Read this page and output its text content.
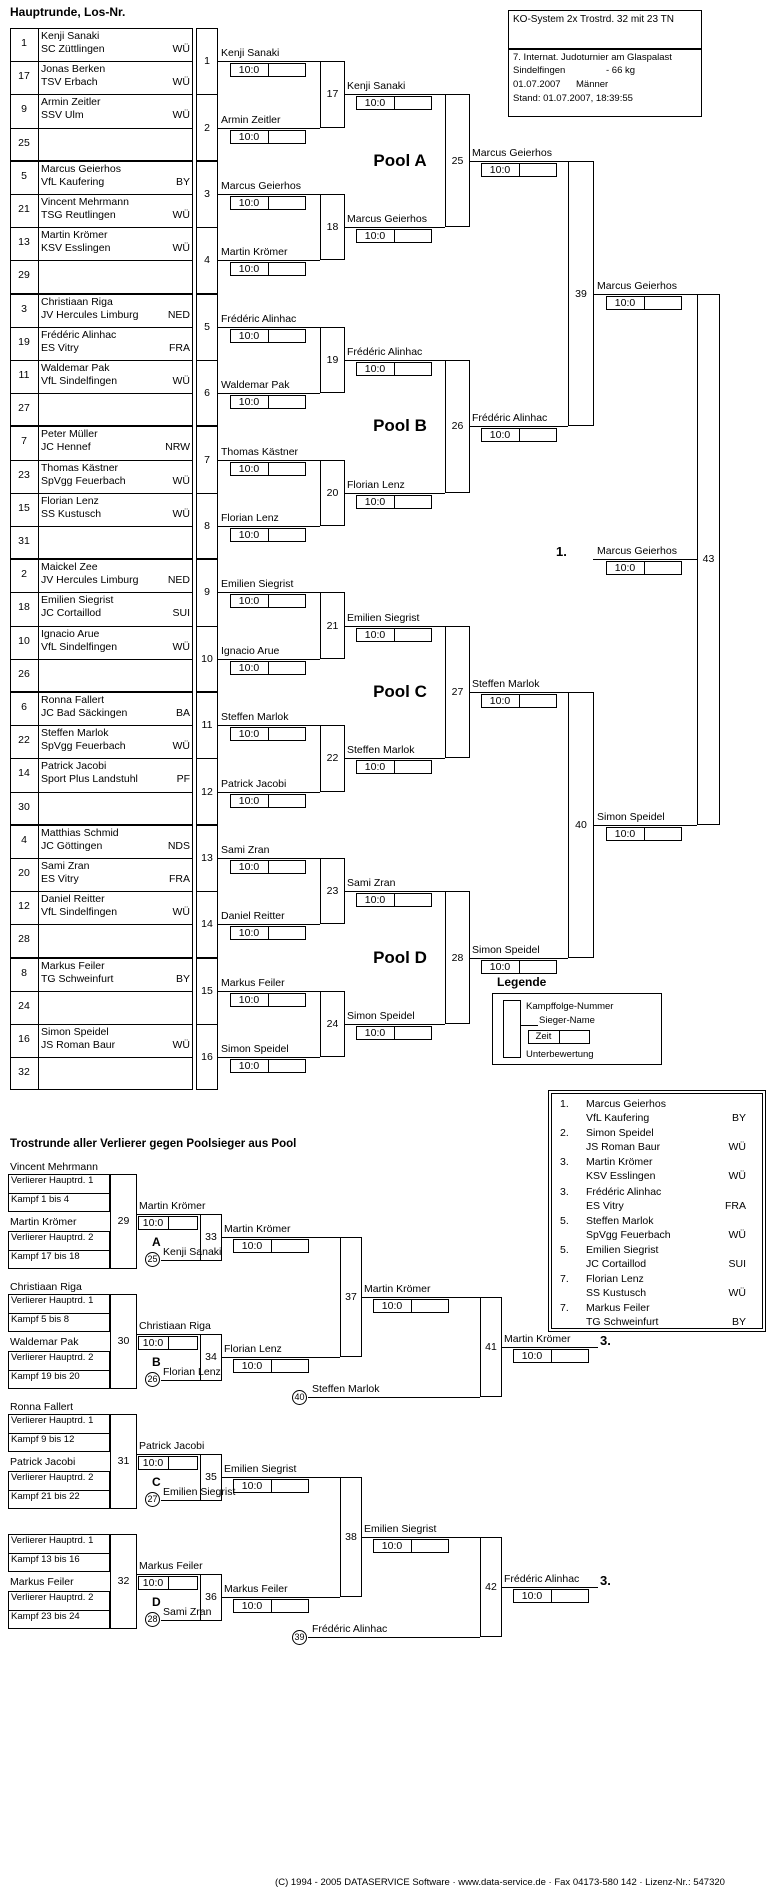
Hauptrunde, Los-Nr.
KO-System 2x Trostrd. 32 mit 23 TN
7. Internat. Judoturnier am Glaspalast
Sindelfingen	- 66 kg
01.07.2007	Männer
Stand: 01.07.2007, 18:39:55
1
Kenji Sanaki
SC Züttlingen	WÜ
17
Jonas Berken
TSV Erbach	WÜ
9
Armin Zeitler
SSV Ulm	WÜ
25
5
Marcus Geierhos
VfL Kaufering	BY
21
Vincent Mehrmann
TSG Reutlingen	WÜ
13
Martin Krömer
KSV Esslingen	WÜ
29
3
Christiaan Riga
JV Hercules Limburg	NED
19
Frédéric Alinhac
ES Vitry	FRA
11
Waldemar Pak
VfL Sindelfingen	WÜ
27
7
Peter Müller
JC Hennef	NRW
23
Thomas Kästner
SpVgg Feuerbach	WÜ
15
Florian Lenz
SS Kustusch	WÜ
31
2
Maickel Zee
JV Hercules Limburg	NED
18
Emilien Siegrist
JC Cortaillod	SUI
10
Ignacio Arue
VfL Sindelfingen	WÜ
26
6
Ronna Fallert
JC Bad Säckingen	BA
22
Steffen Marlok
SpVgg Feuerbach	WÜ
14
Patrick Jacobi
Sport Plus Landstuhl	PF
30
4
Matthias Schmid
JC Göttingen	NDS
20
Sami Zran
ES Vitry	FRA
12
Daniel Reitter
VfL Sindelfingen	WÜ
28
8
Markus Feiler
TG Schweinfurt	BY
24
16
Simon Speidel
JS Roman Baur	WÜ
32
1
Kenji Sanaki
10:0
2
Armin Zeitler
10:0
3
Marcus Geierhos
10:0
4
Martin Krömer
10:0
5
Frédéric Alinhac
10:0
6
Waldemar Pak
10:0
7
Thomas Kästner
10:0
8
Florian Lenz
10:0
9
Emilien Siegrist
10:0
10
Ignacio Arue
10:0
11
Steffen Marlok
10:0
12
Patrick Jacobi
10:0
13
Sami Zran
10:0
14
Daniel Reitter
10:0
15
Markus Feiler
10:0
16
Simon Speidel
10:0
17
Kenji Sanaki
10:0
18
Marcus Geierhos
10:0
19
Frédéric Alinhac
10:0
20
Florian Lenz
10:0
21
Emilien Siegrist
10:0
22
Steffen Marlok
10:0
23
Sami Zran
10:0
24
Simon Speidel
10:0
25
Pool A	Marcus Geierhos
10:0
26
Pool B	Frédéric Alinhac
10:0
27
Pool C	Steffen Marlok
10:0
28
Pool D	Simon Speidel
10:0
39
Marcus Geierhos
10:0
40
Simon Speidel
10:0
43
1.	Marcus Geierhos
10:0
Legende
Kampffolge-Nummer
Sieger-Name
Zeit
Unterbewertung
1.	Marcus Geierhos
VfL Kaufering	BY
2.	Simon Speidel
JS Roman Baur	WÜ
3.	Martin Krömer
KSV Esslingen	WÜ
3.	Frédéric Alinhac
ES Vitry	FRA
5.	Steffen Marlok
SpVgg Feuerbach	WÜ
5.	Emilien Siegrist
JC Cortaillod	SUI
7.	Florian Lenz
SS Kustusch	WÜ
7.	Markus Feiler
TG Schweinfurt	BY
Trostrunde aller Verlierer gegen Poolsieger aus Pool
Vincent Mehrmann
Verlierer Hauptrd. 1
Kampf 1 bis 4
29
Martin Krömer
Verlierer Hauptrd. 2
Kampf 17 bis 18
Martin Krömer
10:0
A
25
Kenji Sanaki
33
Martin Krömer
10:0
Christiaan Riga
Verlierer Hauptrd. 1
Kampf 5 bis 8
30
Waldemar Pak
Verlierer Hauptrd. 2
Kampf 19 bis 20
Christiaan Riga
10:0
B
26
Florian Lenz
34
Florian Lenz
10:0
Ronna Fallert
Verlierer Hauptrd. 1
Kampf 9 bis 12
31
Patrick Jacobi
Verlierer Hauptrd. 2
Kampf 21 bis 22
Patrick Jacobi
10:0
C
27
Emilien Siegrist
35
Emilien Siegrist
10:0
Verlierer Hauptrd. 1
Kampf 13 bis 16
32
Markus Feiler
Verlierer Hauptrd. 2
Kampf 23 bis 24
Markus Feiler
10:0
D
28
Sami Zran
36
Markus Feiler
10:0
37
Martin Krömer
10:0
38
Emilien Siegrist
10:0
41
Martin Krömer
10:0
3.
40
Steffen Marlok
42
Frédéric Alinhac
10:0
3.
39
Frédéric Alinhac
(C) 1994 - 2005 DATASERVICE Software · www.data-service.de · Fax 04173-580 142 · Lizenz-Nr.: 547320
